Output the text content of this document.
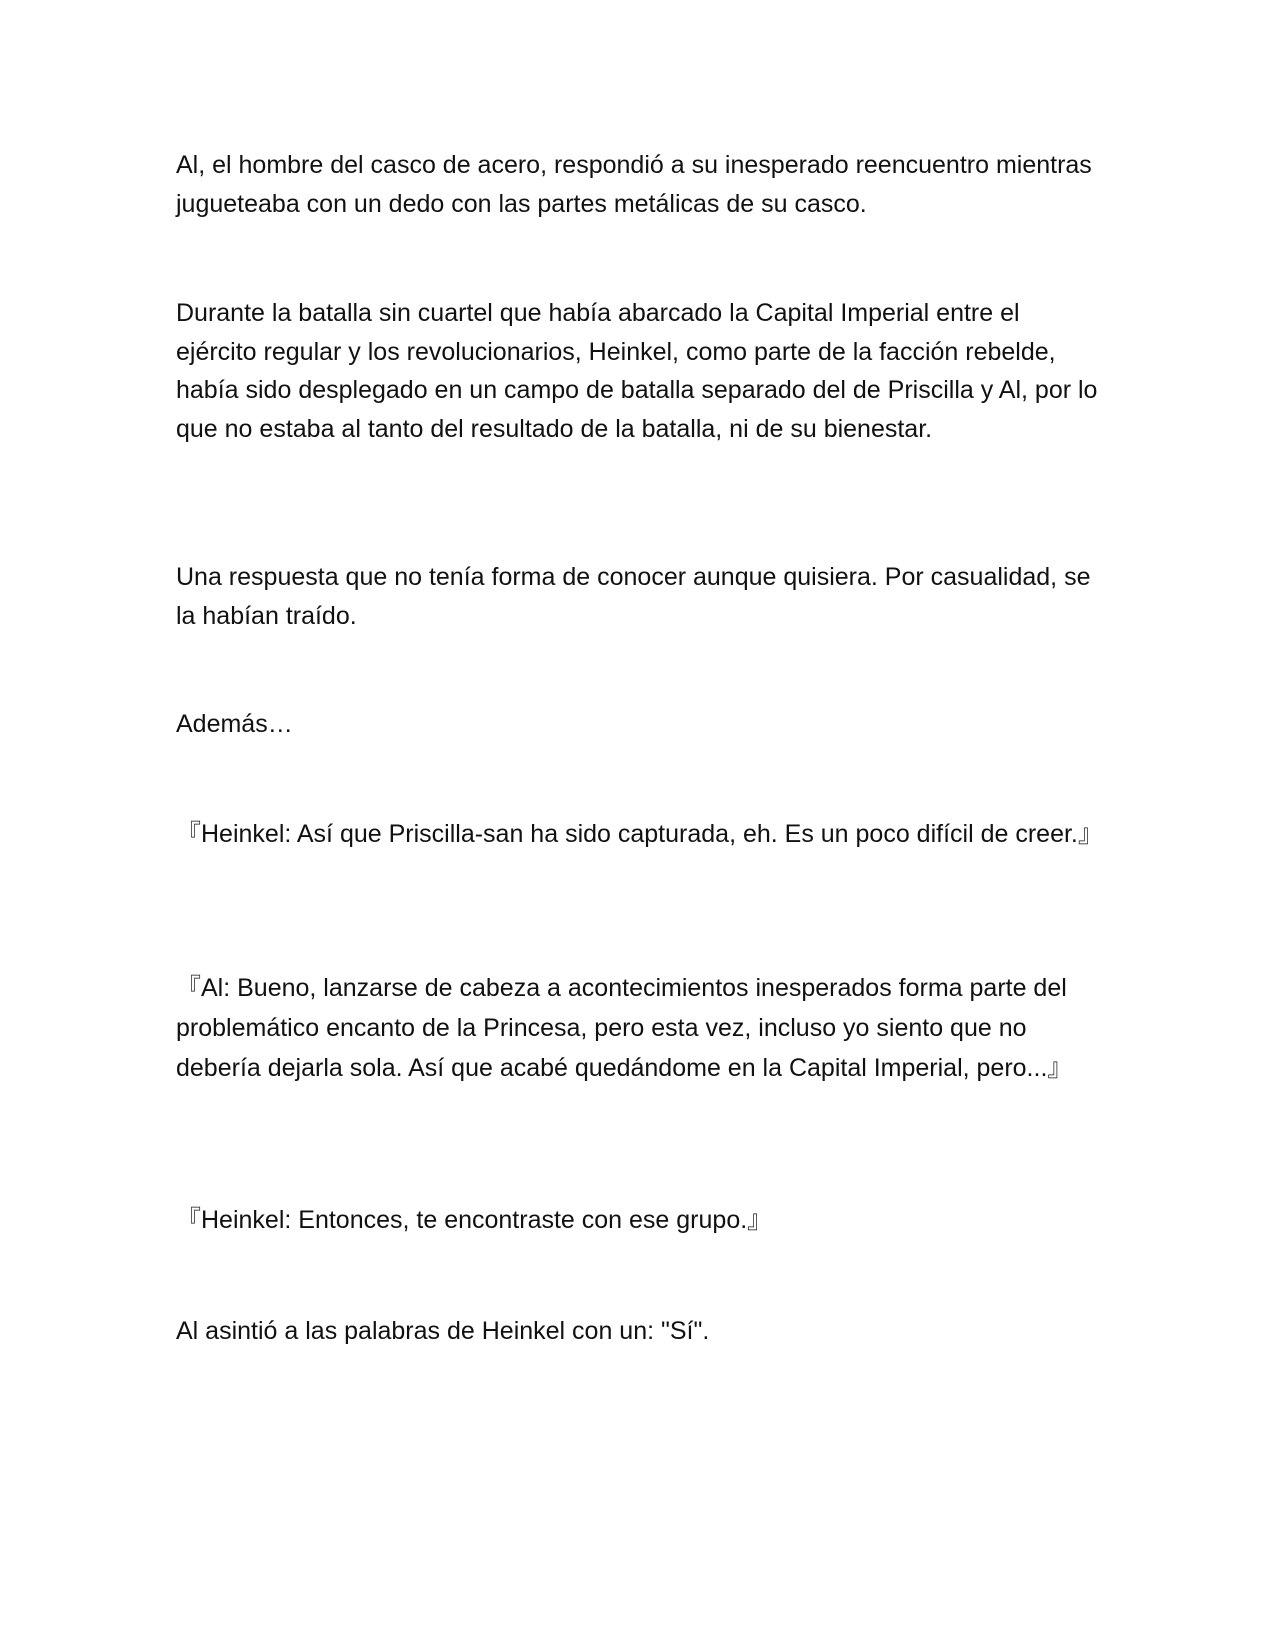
Al, el hombre del casco de acero, respondió a su inesperado reencuentro mientras jugueteaba con un dedo con las partes metálicas de su casco.

Durante la batalla sin cuartel que había abarcado la Capital Imperial entre el ejército regular y los revolucionarios, Heinkel, como parte de la facción rebelde, había sido desplegado en un campo de batalla separado del de Priscilla y Al, por lo que no estaba al tanto del resultado de la batalla, ni de su bienestar.

Una respuesta que no tenía forma de conocer aunque quisiera. Por casualidad, se la habían traído.

Además…

『Heinkel: Así que Priscilla-san ha sido capturada, eh. Es un poco difícil de creer.』

『Al: Bueno, lanzarse de cabeza a acontecimientos inesperados forma parte del problemático encanto de la Princesa, pero esta vez, incluso yo siento que no debería dejarla sola. Así que acabé quedándome en la Capital Imperial, pero...』

『Heinkel: Entonces, te encontraste con ese grupo.』

Al asintió a las palabras de Heinkel con un: "Sí".
